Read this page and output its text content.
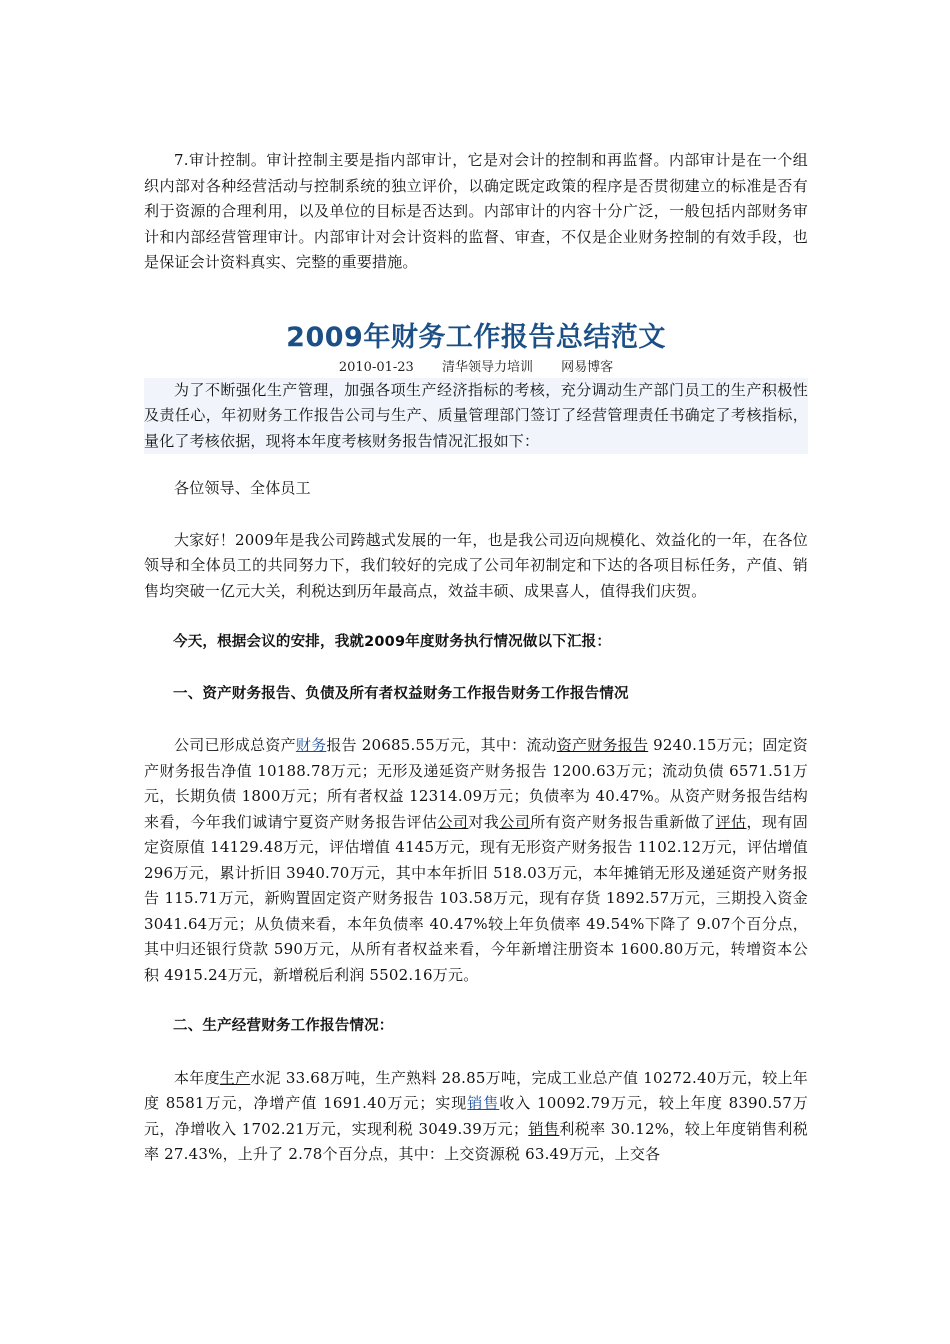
7.审计控制。审计控制主要是指内部审计，它是对会计的控制和再监督。内部审计是在一个组织内部对各种经营活动与控制系统的独立评价，以确定既定政策的程序是否贯彻建立的标准是否有利于资源的合理利用，以及单位的目标是否达到。内部审计的内容十分广泛，一般包括内部财务审计和内部经营管理审计。内部审计对会计资料的监督、审查，不仅是企业财务控制的有效手段，也是保证会计资料真实、完整的重要措施。

2009年财务工作报告总结范文
2010-01-23 清华领导力培训 网易博客

为了不断强化生产管理，加强各项生产经济指标的考核，充分调动生产部门员工的生产积极性及责任心，年初财务工作报告公司与生产、质量管理部门签订了经营管理责任书确定了考核指标，量化了考核依据，现将本年度考核财务报告情况汇报如下：

各位领导、全体员工

大家好！2009年是我公司跨越式发展的一年，也是我公司迈向规模化、效益化的一年，在各位领导和全体员工的共同努力下，我们较好的完成了公司年初制定和下达的各项目标任务，产值、销售均突破一亿元大关，利税达到历年最高点，效益丰硕、成果喜人，值得我们庆贺。

今天，根据会议的安排，我就2009年度财务执行情况做以下汇报：

一、资产财务报告、负债及所有者权益财务工作报告财务工作报告情况

公司已形成总资产财务报告 20685.55万元，其中：流动资产财务报告 9240.15万元；固定资产财务报告净值 10188.78万元；无形及递延资产财务报告 1200.63万元；流动负债 6571.51万元，长期负债 1800万元；所有者权益 12314.09万元；负债率为 40.47%。从资产财务报告结构来看，今年我们诚请宁夏资产财务报告评估公司对我公司所有资产财务报告重新做了评估，现有固定资原值 14129.48万元，评估增值 4145万元，现有无形资产财务报告 1102.12万元，评估增值 296万元，累计折旧 3940.70万元，其中本年折旧 518.03万元，本年摊销无形及递延资产财务报告 115.71万元，新购置固定资产财务报告 103.58万元，现有存货 1892.57万元，三期投入资金 3041.64万元；从负债来看，本年负债率 40.47%较上年负债率 49.54%下降了 9.07个百分点，其中归还银行贷款 590万元，从所有者权益来看，今年新增注册资本 1600.80万元，转增资本公积 4915.24万元，新增税后利润 5502.16万元。

二、生产经营财务工作报告情况：

本年度生产水泥 33.68万吨，生产熟料 28.85万吨，完成工业总产值 10272.40万元，较上年度 8581万元，净增产值 1691.40万元；实现销售收入 10092.79万元，较上年度 8390.57万元，净增收入 1702.21万元，实现利税 3049.39万元；销售利税率 30.12%，较上年度销售利税率 27.43%，上升了 2.78个百分点，其中：上交资源税 63.49万元，上交各
